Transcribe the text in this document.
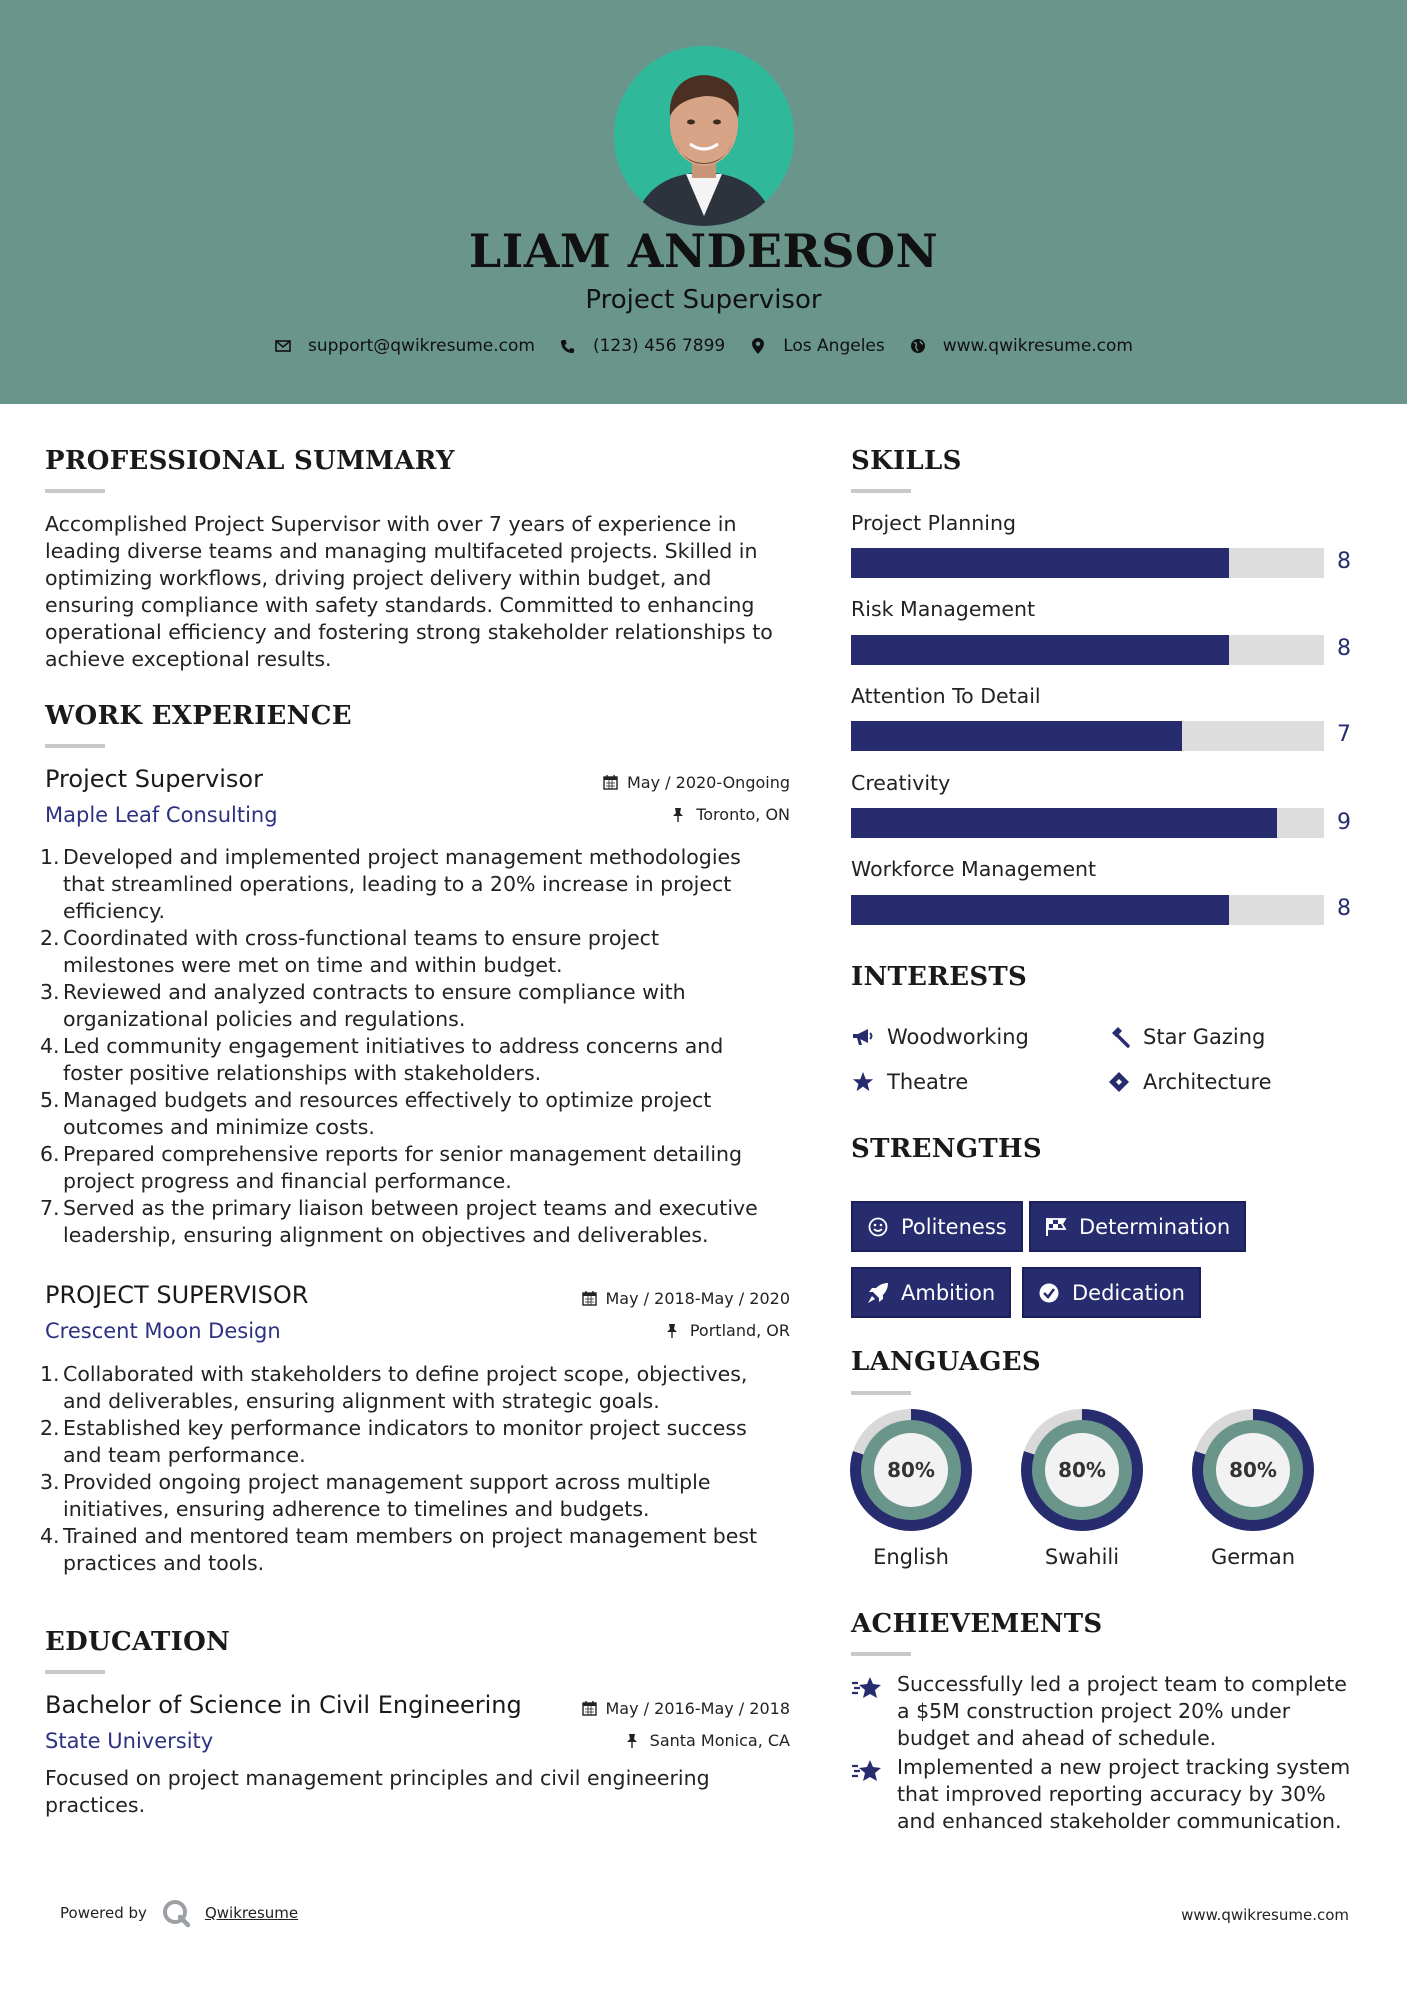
LIAM ANDERSON
Project Supervisor
support@qwikresume.com	(123) 456 7899	Los Angeles	www.qwikresume.com
PROFESSIONAL SUMMARY
Accomplished Project Supervisor with over 7 years of experience in
leading diverse teams and managing multifaceted projects. Skilled in
optimizing workflows, driving project delivery within budget, and
ensuring compliance with safety standards. Committed to enhancing
operational efficiency and fostering strong stakeholder relationships to
achieve exceptional results.
WORK EXPERIENCE
Project Supervisor
Maple Leaf Consulting
May / 2020-Ongoing
Toronto, ON
1. Developed and implemented project management methodologies
that streamlined operations, leading to a 20% increase in project
efficiency.
2. Coordinated with cross-functional teams to ensure project
milestones were met on time and within budget.
3. Reviewed and analyzed contracts to ensure compliance with
organizational policies and regulations.
4. Led community engagement initiatives to address concerns and
foster positive relationships with stakeholders.
5. Managed budgets and resources effectively to optimize project
outcomes and minimize costs.
6. Prepared comprehensive reports for senior management detailing
project progress and financial performance.
7. Served as the primary liaison between project teams and executive
leadership, ensuring alignment on objectives and deliverables.
PROJECT SUPERVISOR
Crescent Moon Design
May / 2018-May / 2020
Portland, OR
1. Collaborated with stakeholders to define project scope, objectives,
and deliverables, ensuring alignment with strategic goals.
2. Established key performance indicators to monitor project success
and team performance.
3. Provided ongoing project management support across multiple
initiatives, ensuring adherence to timelines and budgets.
4. Trained and mentored team members on project management best
practices and tools.
EDUCATION
Bachelor of Science in Civil Engineering
State University
May / 2016-May / 2018
Santa Monica, CA
Focused on project management principles and civil engineering
practices.
SKILLS
Project Planning
8
Risk Management
8
Attention To Detail
7
Creativity
9
Workforce Management
8
INTERESTS
Woodworking	Star Gazing
Theatre	Architecture
STRENGTHS
Politeness	Determination
Ambition	Dedication
LANGUAGES
80%
English
80%
Swahili
80%
German
ACHIEVEMENTS
Successfully led a project team to complete
a $5M construction project 20% under
budget and ahead of schedule.
Implemented a new project tracking system
that improved reporting accuracy by 30%
and enhanced stakeholder communication.
Powered by	Qwikresume	www.qwikresume.com
